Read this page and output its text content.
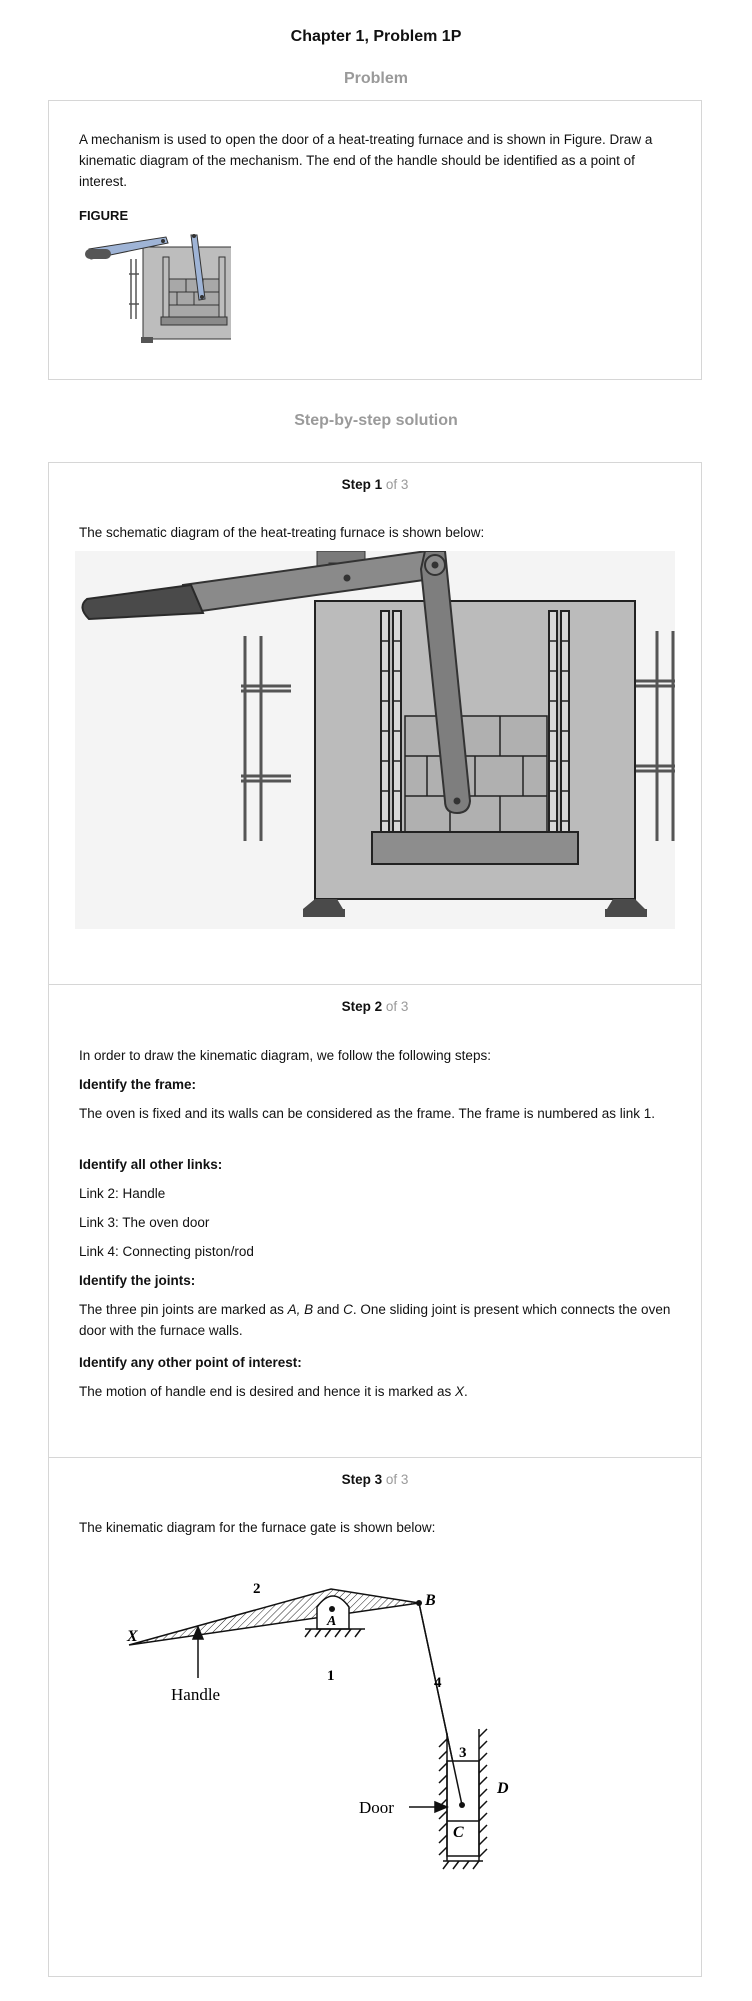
Chapter 1, Problem 1P
Problem

A mechanism is used to open the door of a heat-treating furnace and is shown in Figure. Draw a kinematic diagram of the mechanism. The end of the handle should be identified as a point of interest.

FIGURE

Step-by-step solution
Step 1 of 3

The schematic diagram of the heat-treating furnace is shown below:

Step 2 of 3

In order to draw the kinematic diagram, we follow the following steps:

Identify the frame:

The oven is fixed and its walls can be considered as the frame. The frame is numbered as link 1.

Identify all other links:

Link 2: Handle

Link 3: The oven door

Link 4: Connecting piston/rod

Identify the joints:

The three pin joints are marked as A, B and C. One sliding joint is present which connects the oven door with the furnace walls.

Identify any other point of interest:

The motion of handle end is desired and hence it is marked as X.

Step 3 of 3

The kinematic diagram for the furnace gate is shown below:

X
2
A
B
1	4
Handle
3
D
Door
C
